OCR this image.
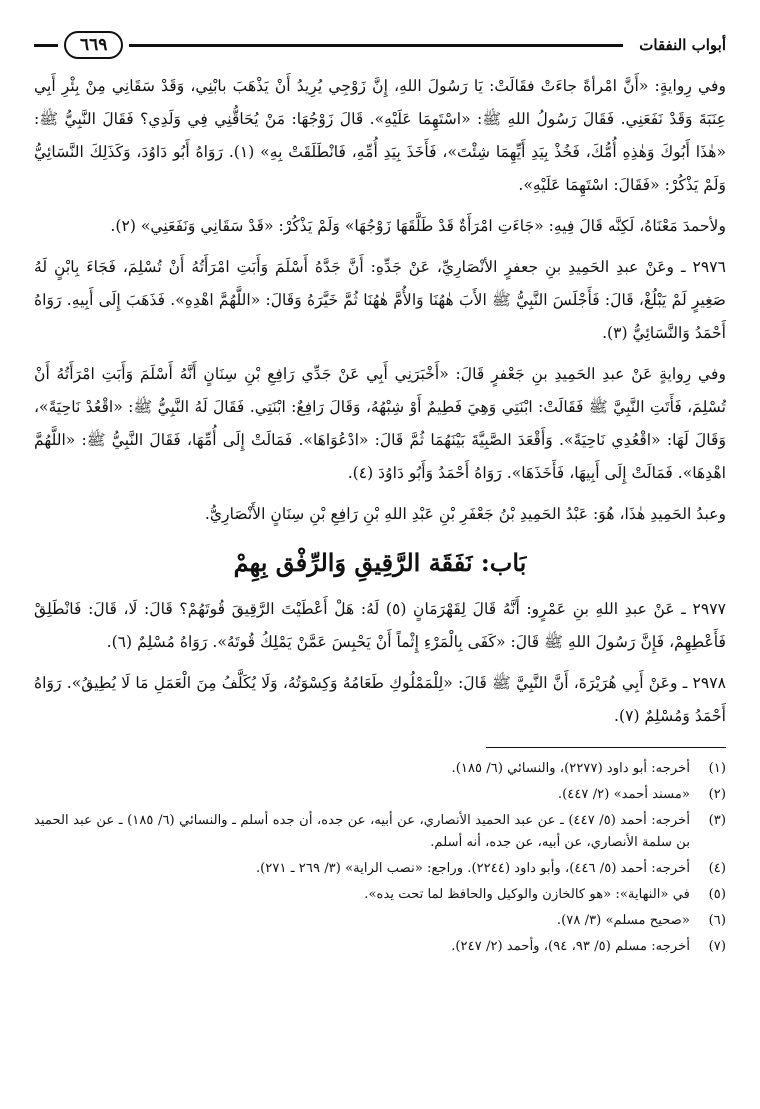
أبواب النفقات
٦٦٩

وفي رِوايةٍ: «أَنَّ امْرأةً جاءَتْ فقَالَتْ: يَا رَسُولَ اللهِ، إِنَّ زَوْجِي يُرِيدُ أَنْ يَذْهَبَ بابْنِي، وَقَدْ سَقَانِي مِنْ بِئْرِ أَبِي عِنَبَةَ وَقَدْ نَفَعَنِي. فَقَالَ رَسُولُ اللهِ ﷺ: «اسْتَهِمَا عَلَيْهِ». قَالَ زَوْجُهَا: مَنْ يُحَاقُّنِي فِي وَلَدِي؟ فَقَالَ النَّبِيُّ ﷺ: «هٰذَا أَبُوكَ وَهٰذِهِ أُمُّكَ، فَخُذْ بِيَدِ أَيِّهِمَا شِئْتَ»، فَأَخَذَ بِيَدِ أُمِّهِ، فَانْطَلَقَتْ بِهِ» (١). رَوَاهُ أَبُو دَاوُدَ، وَكَذَلِكَ النَّسَائِيُّ وَلَمْ يَذْكُرْ: «فَقَالَ: اسْتَهِمَا عَلَيْهِ».

ولأحمدَ مَعْنَاهُ، لَكِنَّه قَالَ فِيهِ: «جَاءَتِ امْرَأَةٌ قَدْ طَلَّقَهَا زَوْجُهَا» وَلَمْ يَذْكُرْ: «قَدْ سَقَانِي وَنَفَعَنِي» (٢).

٢٩٧٦ ـ وعَنْ عبدِ الحَمِيدِ بنِ جعفرٍ الأنْصَارِيِّ، عَنْ جَدِّهِ: أَنَّ جَدَّهُ أَسْلَمَ وَأَبَتِ امْرَأَتُهُ أَنْ تُسْلِمَ، فَجَاءَ بِابْنٍ لَهُ صَغِيرٍ لَمْ يَبْلُغْ، قَالَ: فَأَجْلَسَ النَّبِيُّ ﷺ الأَبَ هٰهُنَا وَالأُمَّ هٰهُنَا ثُمَّ خَيَّرَهُ وَقَالَ: «اللَّهُمَّ اهْدِهِ». فَذَهَبَ إِلَى أَبِيهِ. رَوَاهُ أَحْمَدُ وَالنَّسَائِيُّ (٣).

وفي رِوايةٍ عَنْ عبدِ الحَمِيدِ بنِ جَعْفرٍ قَالَ: «أَخْبَرَنِي أَبِي عَنْ جَدِّي رَافِعِ بْنِ سِنَانٍ أَنَّهُ أَسْلَمَ وَأَبَتِ امْرَأَتُهُ أَنْ تُسْلِمَ، فَأَتَتِ النَّبِيَّ ﷺ فَقَالَتْ: ابْنَتِي وَهِيَ فَطِيمٌ أَوْ شِبْهُهُ، وَقَالَ رَافِعٌ: ابْنَتِي. فَقَالَ لَهُ النَّبِيُّ ﷺ: «اقْعُدْ نَاحِيَةً»، وَقَالَ لَهَا: «اقْعُدِي نَاحِيَةً». وَأَقْعَدَ الصَّبِيَّةَ بَيْنَهُمَا ثُمَّ قَالَ: «ادْعُوَاهَا». فَمَالَتْ إِلَى أُمِّهَا، فَقَالَ النَّبِيُّ ﷺ: «اللَّهُمَّ اهْدِهَا». فَمَالَتْ إِلَى أَبِيهَا، فَأَخَذَهَا». رَوَاهُ أَحْمَدُ وَأَبُو دَاوُدَ (٤).

وعبدُ الحَمِيدِ هٰذَا، هُوَ: عَبْدُ الحَمِيدِ بْنُ جَعْفَرِ بْنِ عَبْدِ اللهِ بْنِ رَافِعِ بْنِ سِنَانٍ الأَنْصَارِيُّ.

بَاب: نَفَقَة الرَّقِيقِ وَالرِّفْق بِهِمْ

٢٩٧٧ ـ عَنْ عبدِ اللهِ بنِ عَمْرٍو: أَنَّهُ قَالَ لِقَهْرَمَانٍ (٥) لَهُ: هَلْ أَعْطَيْتَ الرَّقِيقَ قُوتَهُمْ؟ قَالَ: لَا، قَالَ: فَانْطَلِقْ فَأَعْطِهِمْ، فَإِنَّ رَسُولَ اللهِ ﷺ قَالَ: «كَفَى بِالْمَرْءِ إِثْماً أَنْ يَحْبِسَ عَمَّنْ يَمْلِكُ قُوتَهُ». رَوَاهُ مُسْلِمٌ (٦).

٢٩٧٨ ـ وعَنْ أَبِي هُرَيْرَةَ، أَنَّ النَّبِيَّ ﷺ قَالَ: «لِلْمَمْلُوكِ طَعَامُهُ وَكِسْوَتُهُ، وَلَا يُكَلَّفُ مِنَ الْعَمَلِ مَا لَا يُطِيقُ». رَوَاهُ أَحْمَدُ وَمُسْلِمٌ (٧).

(١)
أخرجه: أبو داود (٢٢٧٧)، والنسائي (٦/ ١٨٥).
(٢)
«مسند أحمد» (٢/ ٤٤٧).
(٣)
أخرجه: أحمد (٥/ ٤٤٧) ـ عن عبد الحميد الأنصاري، عن أبيه، عن جده، أن جده أسلم ـ والنسائي (٦/ ١٨٥) ـ عن عبد الحميد بن سلمة الأنصاري، عن أبيه، عن جده، أنه أسلم.
(٤)
أخرجه: أحمد (٥/ ٤٤٦)، وأبو داود (٢٢٤٤). وراجع: «نصب الراية» (٣/ ٢٦٩ ـ ٢٧١).
(٥)
في «النهاية»: «هو كالخازن والوكيل والحافظ لما تحت يده».
(٦)
«صحيح مسلم» (٣/ ٧٨).
(٧)
أخرجه: مسلم (٥/ ٩٣، ٩٤)، وأحمد (٢/ ٢٤٧).
